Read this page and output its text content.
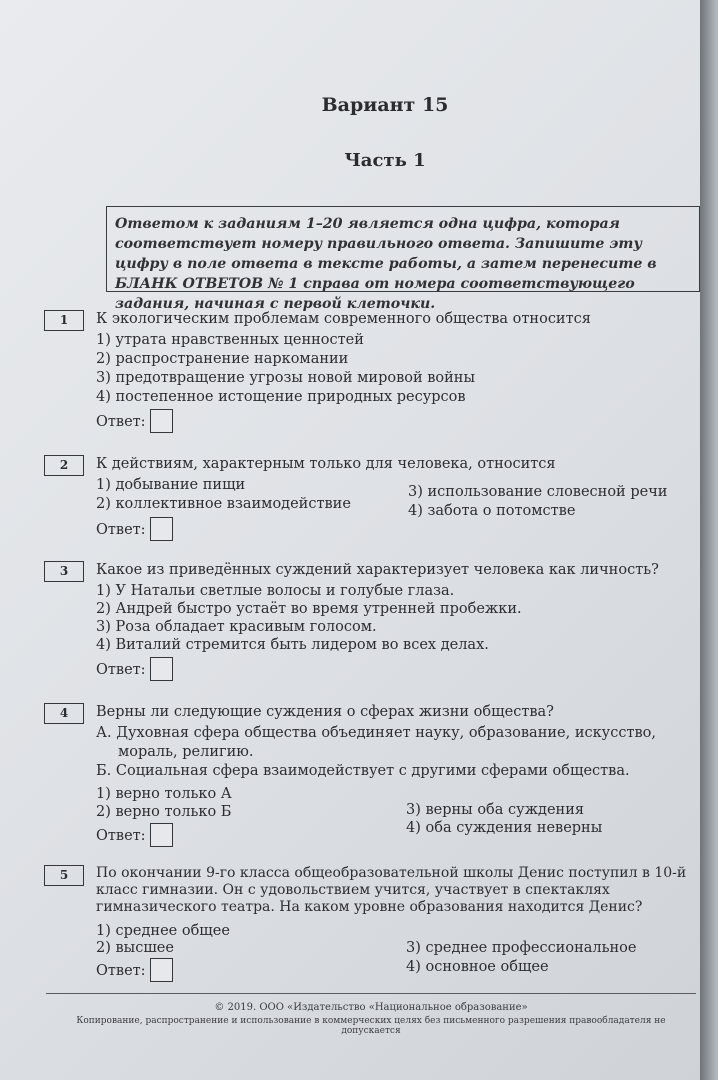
Вариант 15
Часть 1
Ответом к заданиям 1–20 является одна цифра, которая соответствует номеру правильного ответа. Запишите эту цифру в поле ответа в тексте работы, а затем перенесите в БЛАНК ОТВЕТОВ № 1 справа от номера соответствующего задания, начиная с первой клеточки.
1	К экологическим проблемам современного общества относится
1) утрата нравственных ценностей
2) распространение наркомании
3) предотвращение угрозы новой мировой войны
4) постепенное истощение природных ресурсов
Ответ:
2	К действиям, характерным только для человека, относится
1) добывание пищи
2) коллективное взаимодействие
3) использование словесной речи
4) забота о потомстве
Ответ:
3	Какое из приведённых суждений характеризует человека как личность?
1) У Натальи светлые волосы и голубые глаза.
2) Андрей быстро устаёт во время утренней пробежки.
3) Роза обладает красивым голосом.
4) Виталий стремится быть лидером во всех делах.
Ответ:
4	Верны ли следующие суждения о сферах жизни общества?
А. Духовная сфера общества объединяет науку, образование, искусство, мораль, религию.
Б. Социальная сфера взаимодействует с другими сферами общества.
1) верно только А
2) верно только Б	3) верны оба суждения
4) оба суждения неверны
Ответ:
5	По окончании 9-го класса общеобразовательной школы Денис поступил в 10-й класс гимназии. Он с удовольствием учится, участвует в спектаклях гимназического театра. На каком уровне образования находится Денис?
1) среднее общее
2) высшее	3) среднее профессиональное
4) основное общее
Ответ:
© 2019. ООО «Издательство «Национальное образование»
Копирование, распространение и использование в коммерческих целях без письменного разрешения правообладателя не допускается
